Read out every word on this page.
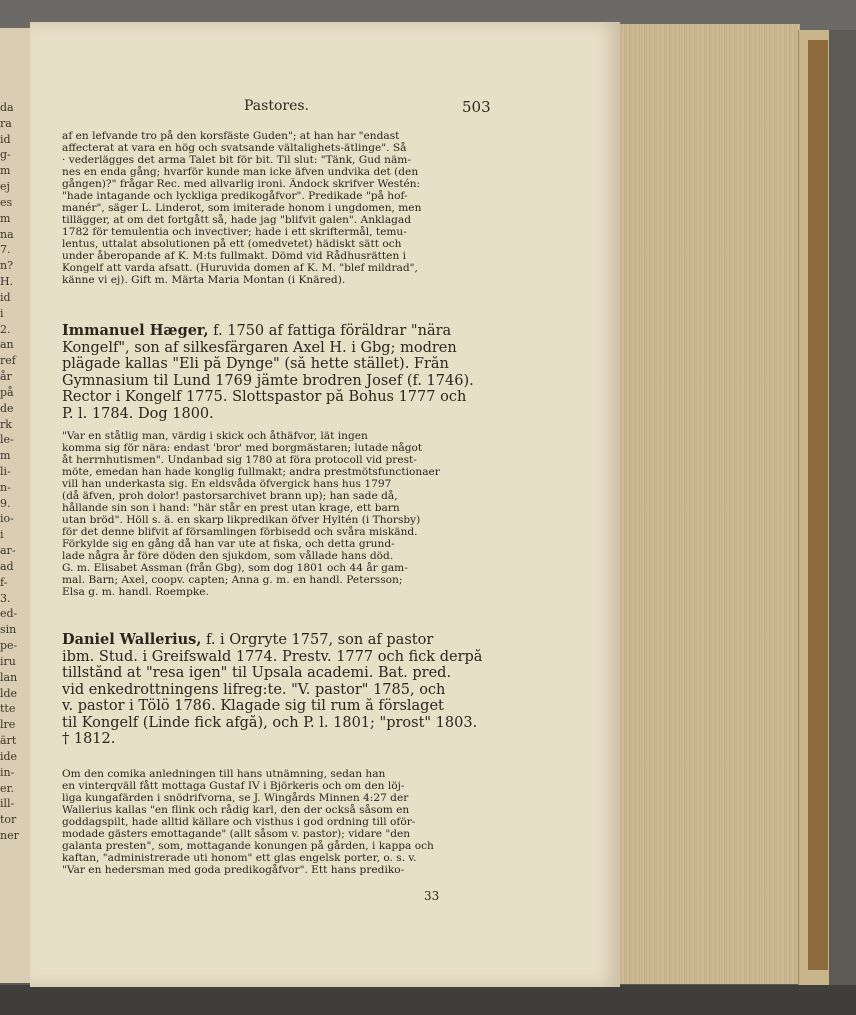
da
ra
id
g-
m
ej
es
m
na
7.
n?
H.
id
i
2.
an
ref
år
på
de
rk
le-
m
li-
n-
9.
io-
i
ar-
ad
f-
3.
ed-
sin
pe-
iru
lan
lde
tte
lre
ärt
ide
in-
er.
ill-
tor
ner
Pastores.	503
af en lefvande tro på den korsfäste Guden"; at han har "endast
affecterat at vara en hög och svatsande vältalighets-ätlinge". Så
· vederlägges det arma Talet bit för bit. Til slut: "Tänk, Gud näm-
nes en enda gång; hvarför kunde man icke äfven undvika det (den
gången)?" frågar Rec. med allvarlig ironi. Ändock skrifver Westén:
"hade intagande och lyckliga predikogåfvor". Predikade "på hof-
manér", säger L. Linderot, som imiterade honom i ungdomen, men
tillägger, at om det fortgått så, hade jag "blifvit galen". Anklagad
1782 för temulentia och invectiver; hade i ett skriftermål, temu-
lentus, uttalat absolutionen på ett (omedvetet) hädiskt sätt och
under åberopande af K. M:ts fullmakt. Dömd vid Rådhusrätten i
Kongelf att varda afsatt. (Huruvida domen af K. M. "blef mildrad",
känne vi ej). Gift m. Märta Maria Montan (i Knäred).
Immanuel Hæger, f. 1750 af fattiga föräldrar "nära
Kongelf", son af silkesfärgaren Axel H. i Gbg; modren
plägade kallas "Eli på Dynge" (så hette stället). Från
Gymnasium til Lund 1769 jämte brodren Josef (f. 1746).
Rector i Kongelf 1775. Slottspastor på Bohus 1777 och
P. l. 1784. Dog 1800.
"Var en ståtlig man, värdig i skick och åthäfvor, lät ingen
komma sig för nära: endast 'bror' med borgmästaren; lutade något
åt herrnhutismen". Undanbad sig 1780 at föra protocoll vid prest-
möte, emedan han hade konglig fullmakt; andra prestmötsfunctionaer
vill han underkasta sig. En eldsvåda öfvergick hans hus 1797
(då äfven, proh dolor! pastorsarchivet brann up); han sade då,
hållande sin son i hand: "här står en prest utan krage, ett barn
utan bröd". Höll s. ä. en skarp likpredikan öfver Hyltén (i Thorsby)
för det denne blifvit af församlingen förbisedd och svåra miskänd.
Förkylde sig en gång då han var ute at fiska, och detta grund-
lade några år före döden den sjukdom, som vållade hans död.
G. m. Elisabet Assman (från Gbg), som dog 1801 och 44 år gam-
mal. Barn; Axel, coopv. capten; Anna g. m. en handl. Petersson;
Elsa g. m. handl. Roempke.
Daniel Wallerius, f. i Örgryte 1757, son af pastor
ibm. Stud. i Greifswald 1774. Prestv. 1777 och fick derpå
tillstånd at "resa igen" til Upsala academi. Bat. pred.
vid enkedrottningens lifreg:te. "V. pastor" 1785, och
v. pastor i Tölö 1786. Klagade sig til rum å förslaget
til Kongelf (Linde fick afgå), och P. l. 1801; "prost" 1803.
† 1812.
Om den comika anledningen till hans utnämning, sedan han
en vinterqväll fått mottaga Gustaf IV i Björkeris och om den löj-
liga kungafärden i snödrifvorna, se J. Wingårds Minnen 4:27 der
Wallerius kallas "en flink och rådig karl, den der också såsom en
goddagspilt, hade alltid källare och visthus i god ordning till oför-
modade gästers emottagande" (allt såsom v. pastor); vidare "den
galanta presten", som, mottagande konungen på gården, i kappa och
kaftan, "administrerade uti honom" ett glas engelsk porter, o. s. v.
"Var en hedersman med goda predikogåfvor". Ett hans predikо-
33
